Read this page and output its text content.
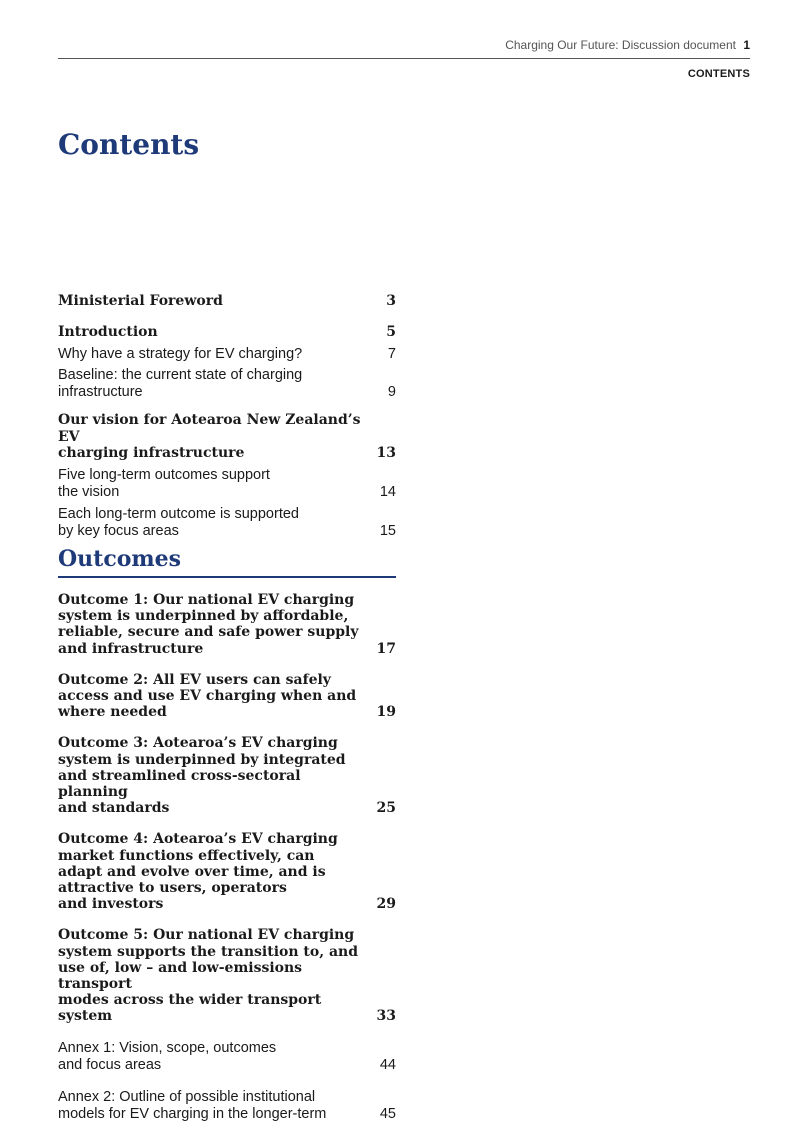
Charging Our Future: Discussion document 1
CONTENTS
Contents
Ministerial Foreword	3
Introduction	5
Why have a strategy for EV charging?	7
Baseline: the current state of charging
infrastructure	9
Our vision for Aotearoa New Zealand’s EV
charging infrastructure	13
Five long-term outcomes support
the vision	14
Each long-term outcome is supported
by key focus areas	15
Outcomes
Outcome 1: Our national EV charging
system is underpinned by affordable,
reliable, secure and safe power supply
and infrastructure	17
Outcome 2: All EV users can safely
access and use EV charging when and
where needed	19
Outcome 3: Aotearoa’s EV charging
system is underpinned by integrated
and streamlined cross-sectoral planning
and standards	25
Outcome 4: Aotearoa’s EV charging
market functions effectively, can
adapt and evolve over time, and is
attractive to users, operators
and investors	29
Outcome 5: Our national EV charging
system supports the transition to, and
use of, low – and low-emissions transport
modes across the wider transport system	33
Annex 1: Vision, scope, outcomes
and focus areas	44
Annex 2: Outline of possible institutional
models for EV charging in the longer-term	45
